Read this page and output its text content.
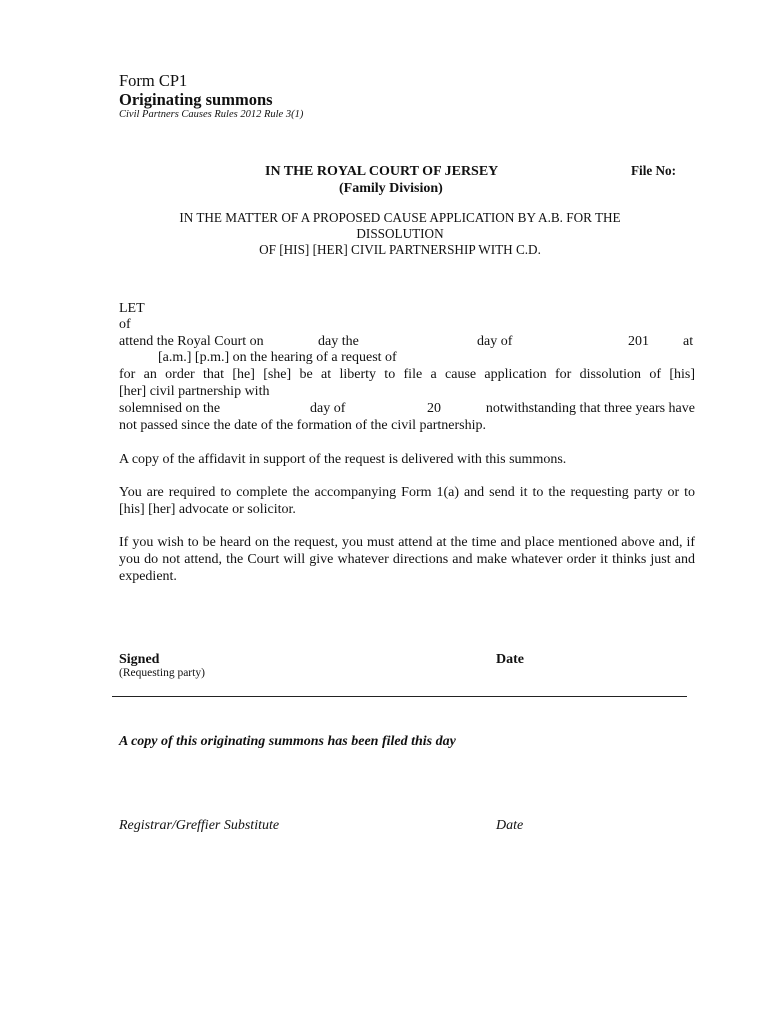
Form CP1

Originating summons

Civil Partners Causes Rules 2012 Rule 3(1)

IN THE ROYAL COURT OF JERSEY

(Family Division)

File No:

IN THE MATTER OF A PROPOSED CAUSE APPLICATION BY A.B. FOR THE

DISSOLUTION

OF [HIS] [HER] CIVIL PARTNERSHIP WITH C.D.

LET

of

attend the Royal Court on	day the	day of	201 at

[a.m.] [p.m.] on the hearing of a request of

for an order that [he] [she] be at liberty to file a cause application for dissolution of [his]

[her] civil partnership with

solemnised on the	day of	20	notwithstanding that three years have

not passed since the date of the formation of the civil partnership.

A copy of the affidavit in support of the request is delivered with this summons.

You are required to complete the accompanying Form 1(a) and send it to the requesting party or to [his] [her] advocate or solicitor.

If you wish to be heard on the request, you must attend at the time and place mentioned above and, if you do not attend, the Court will give whatever directions and make whatever order it thinks just and expedient.

Signed

(Requesting party)

Date

A copy of this originating summons has been filed this day

Registrar/Greffier Substitute	Date
